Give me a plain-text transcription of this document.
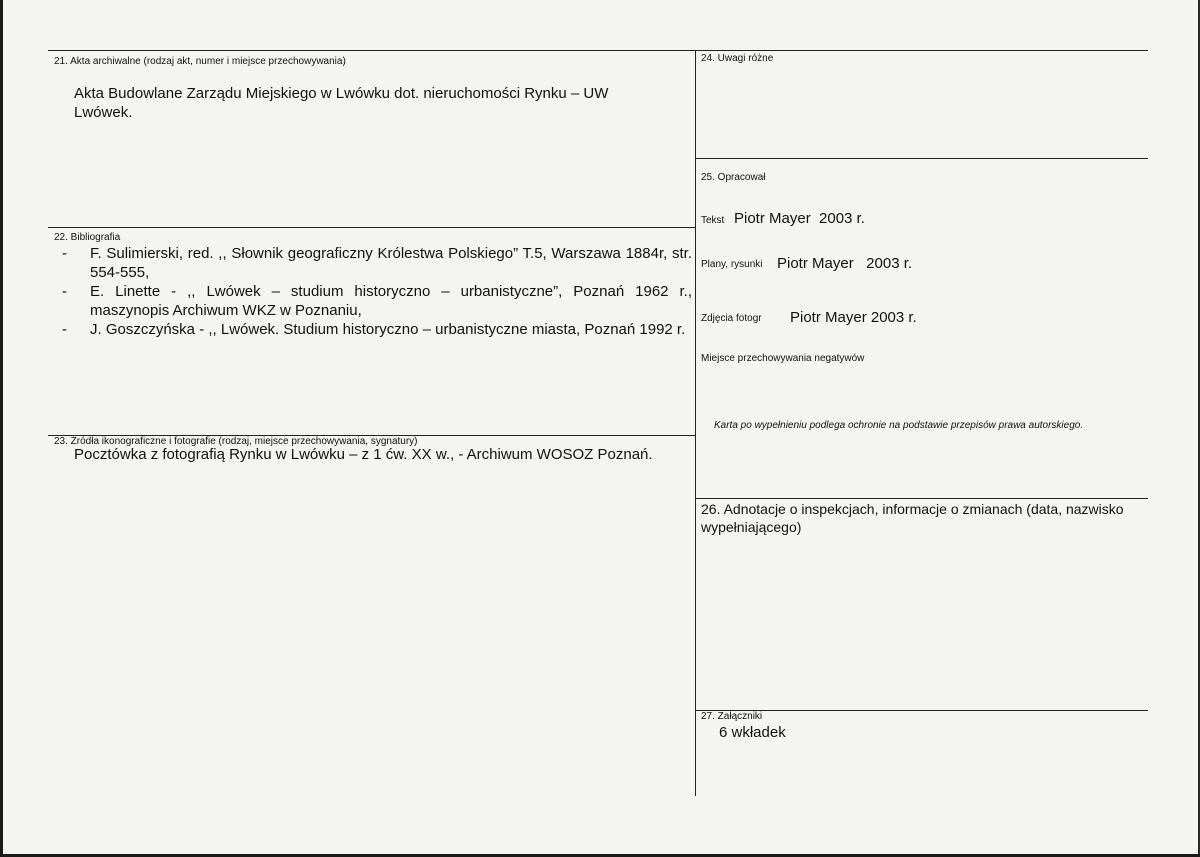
21. Akta archiwalne (rodzaj akt, numer i miejsce przechowywania)
Akta Budowlane Zarządu Miejskiego w Lwówku dot. nieruchomości Rynku – UW Lwówek.
22. Bibliografia
- F. Sulimierski, red. ,, Słownik geograficzny Królestwa Polskiego” T.5, Warszawa 1884r, str. 554-555,
- E. Linette - ,, Lwówek – studium historyczno – urbanistyczne”, Poznań 1962 r., maszynopis Archiwum WKZ w Poznaniu,
- J. Goszczyńska - ,, Lwówek. Studium historyczno – urbanistyczne miasta, Poznań 1992 r.
23. Źródła ikonograficzne i fotografie (rodzaj, miejsce przechowywania, sygnatury)
Pocztówka z fotografią Rynku w Lwówku – z 1 ćw. XX w., - Archiwum WOSOZ Poznań.
24. Uwagi różne
25. Opracował
Tekst Piotr Mayer  2003 r.
Plany, rysunki Piotr Mayer   2003 r.
Zdjęcia fotogr Piotr Mayer 2003 r.
Miejsce przechowywania negatywów
Karta po wypełnieniu podlega ochronie na podstawie przepisów prawa autorskiego.
26. Adnotacje o inspekcjach, informacje o zmianach (data, nazwisko wypełniającego)
27. Załączniki
6 wkładek
